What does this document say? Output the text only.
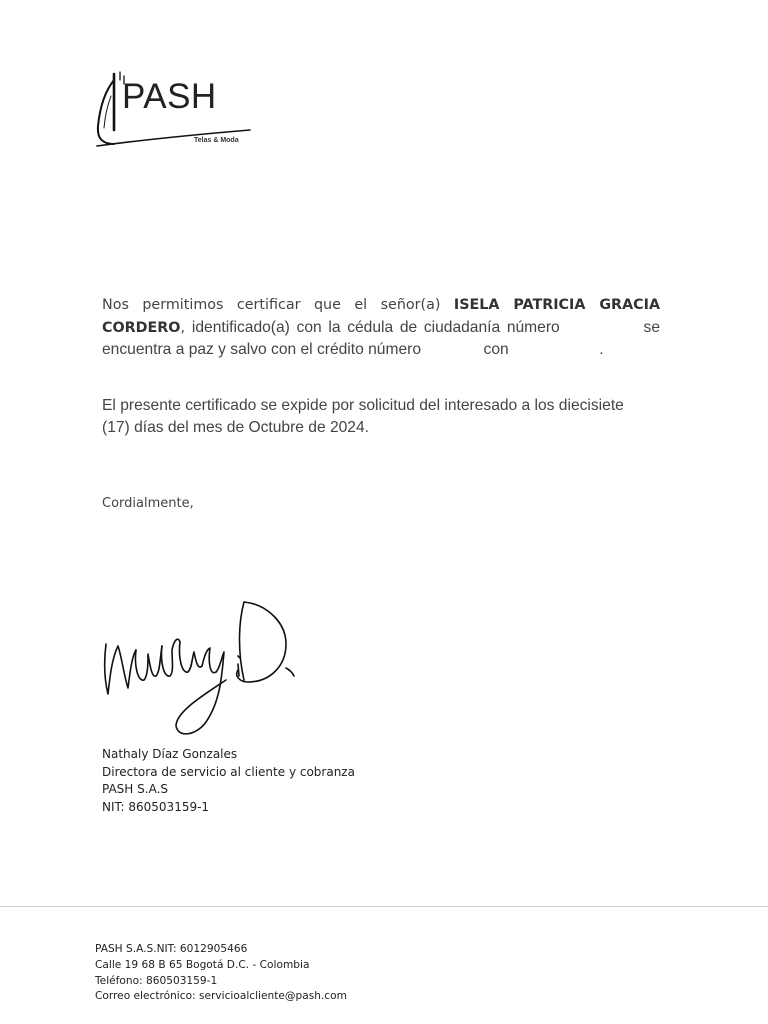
PASH
Telas & Moda
Nos permitimos certificar que el señor(a) ISELA PATRICIA GRACIA
CORDERO, identificado(a) con la cédula de ciudadanía número	se
encuentra a paz y salvo con el crédito número	con	.
El presente certificado se expide por solicitud del interesado a los diecisiete
(17) días del mes de Octubre de 2024.
Cordialmente,
Nathaly Díaz Gonzales
Directora de servicio al cliente y cobranza
PASH S.A.S
NIT: 860503159-1
PASH S.A.S.NIT: 6012905466
Calle 19 68 B 65 Bogotá D.C. - Colombia
Teléfono: 860503159-1
Correo electrónico: servicioalcliente@pash.com
